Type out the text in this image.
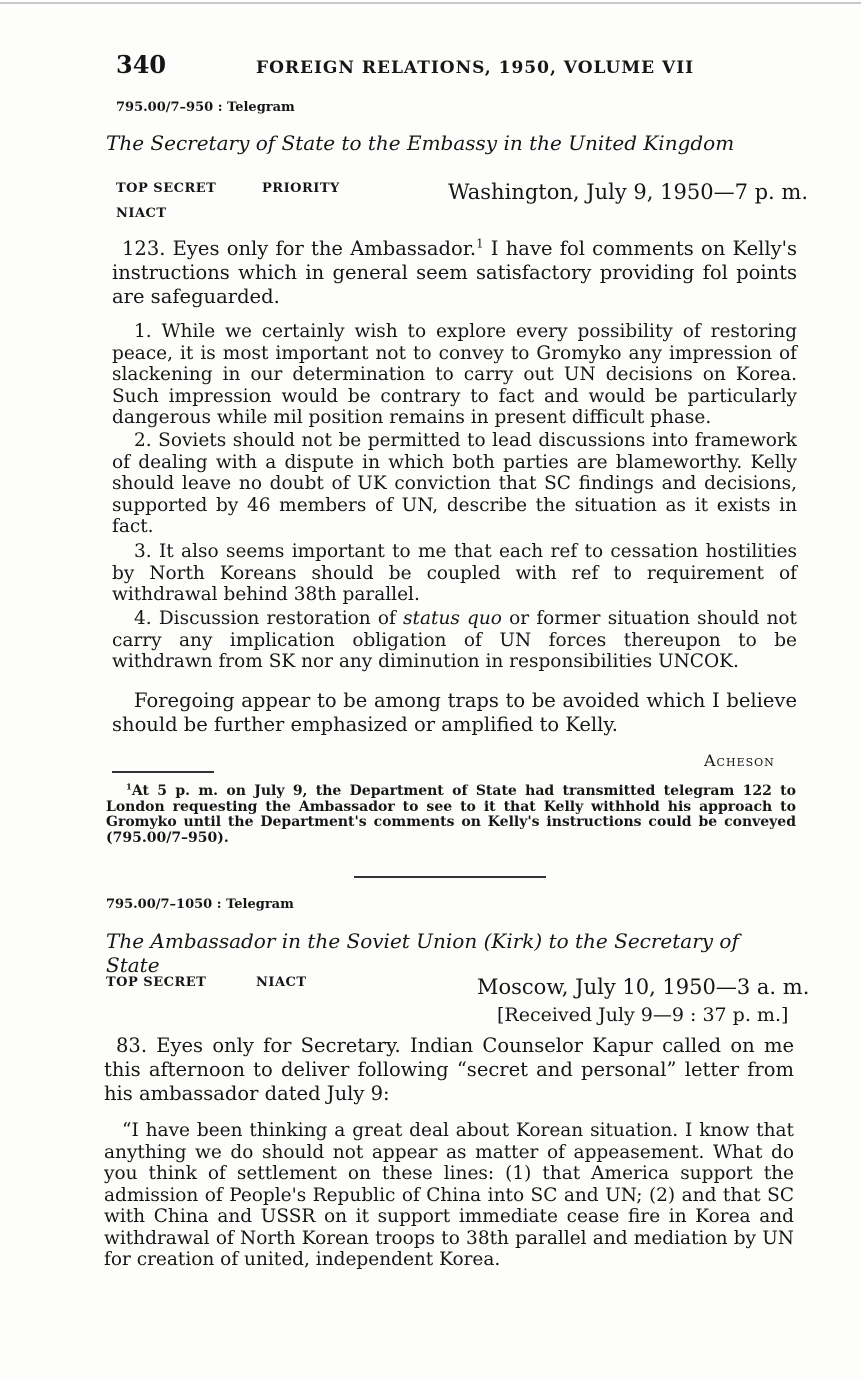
340	FOREIGN RELATIONS, 1950, VOLUME VII
795.00/7–950 : Telegram
The Secretary of State to the Embassy in the United Kingdom
TOP SECRET	PRIORITY
NIACT
Washington, July 9, 1950—7 p. m.

123. Eyes only for the Ambassador.$^1$ I have fol comments on Kelly's instructions which in general seem satisfactory providing fol points are safeguarded.

1. While we certainly wish to explore every possibility of restoring peace, it is most important not to convey to Gromyko any impression of slackening in our determination to carry out UN decisions on Korea. Such impression would be contrary to fact and would be particularly dangerous while mil position remains in present difficult phase.

2. Soviets should not be permitted to lead discussions into framework of dealing with a dispute in which both parties are blameworthy. Kelly should leave no doubt of UK conviction that SC findings and decisions, supported by 46 members of UN, describe the situation as it exists in fact.

3. It also seems important to me that each ref to cessation hostilities by North Koreans should be coupled with ref to requirement of withdrawal behind 38th parallel.

4. Discussion restoration of status quo or former situation should not carry any implication obligation of UN forces thereupon to be withdrawn from SK nor any diminution in responsibilities UNCOK.

Foregoing appear to be among traps to be avoided which I believe should be further emphasized or amplified to Kelly.

Acheson

$^1$At 5 p. m. on July 9, the Department of State had transmitted telegram 122 to London requesting the Ambassador to see to it that Kelly withhold his approach to Gromyko until the Department's comments on Kelly's instructions could be conveyed (795.00/7–950).

795.00/7–1050 : Telegram
The Ambassador in the Soviet Union (Kirk) to the Secretary of State
TOP SECRET	NIACT	Moscow, July 10, 1950—3 a. m.
[Received July 9—9 : 37 p. m.]

83. Eyes only for Secretary. Indian Counselor Kapur called on me this afternoon to deliver following “secret and personal” letter from his ambassador dated July 9:

“I have been thinking a great deal about Korean situation. I know that anything we do should not appear as matter of appeasement. What do you think of settlement on these lines: (1) that America support the admission of People's Republic of China into SC and UN; (2) and that SC with China and USSR on it support immediate cease fire in Korea and withdrawal of North Korean troops to 38th parallel and mediation by UN for creation of united, independent Korea.
